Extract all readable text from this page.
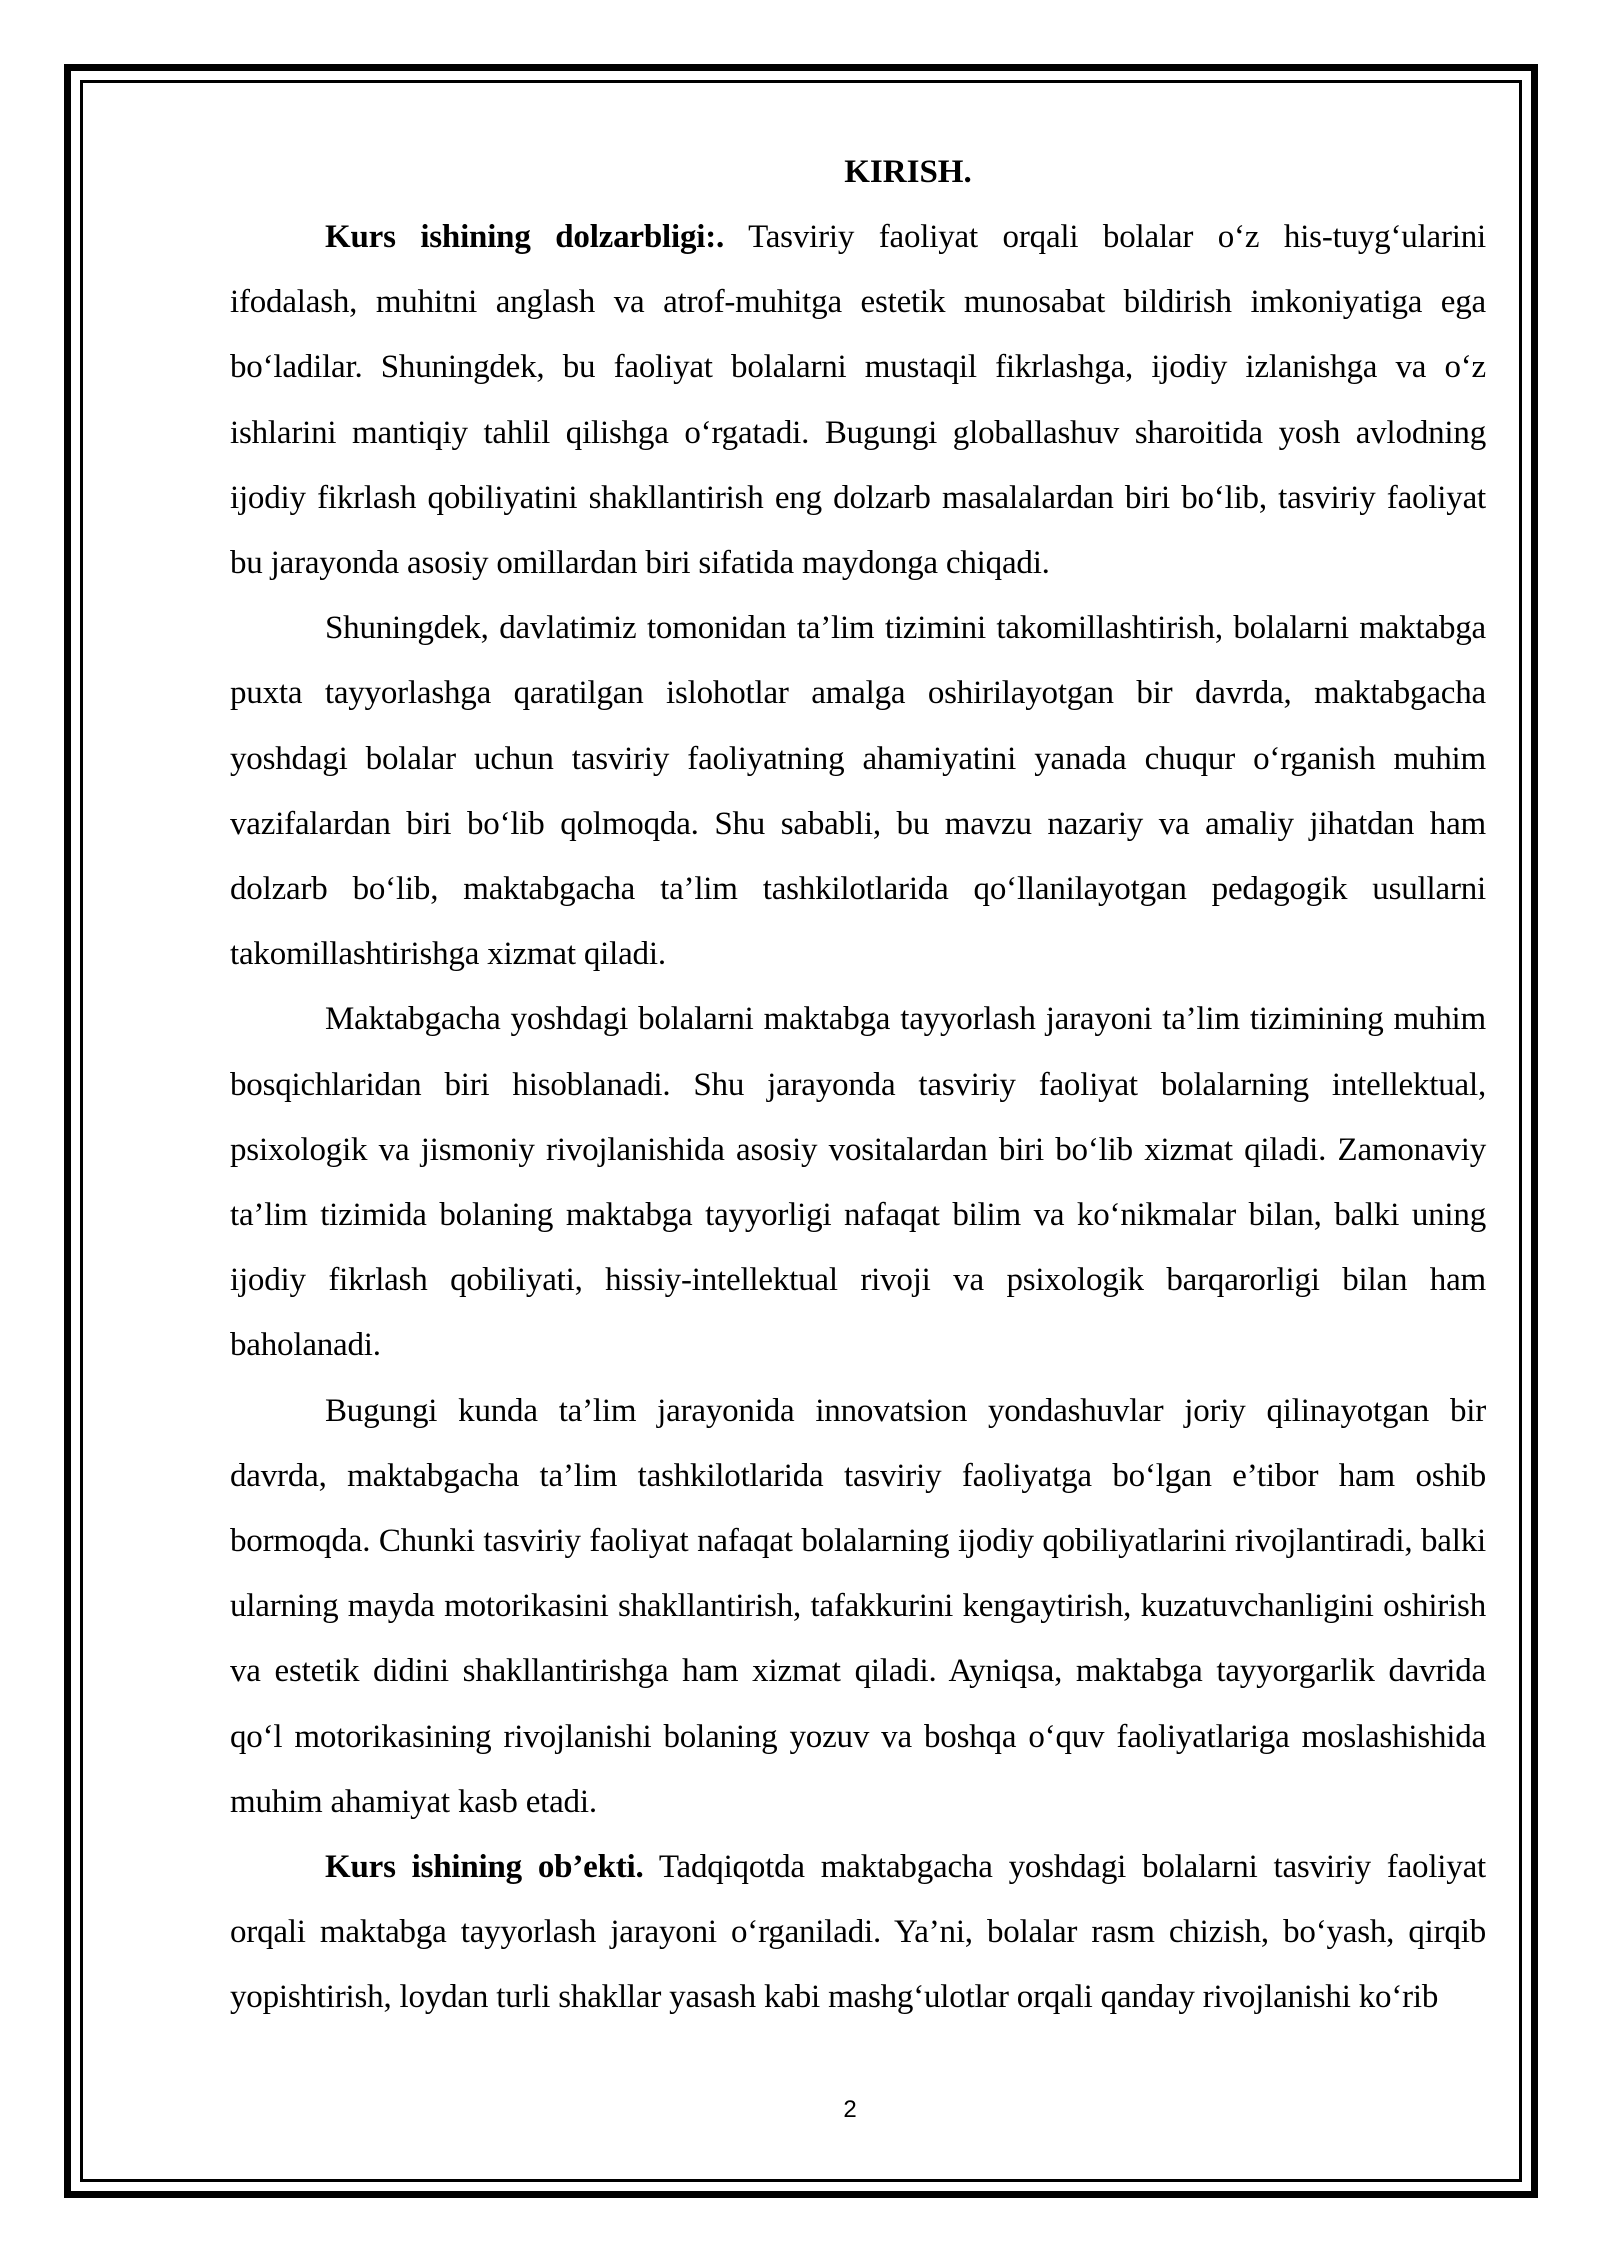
KIRISH.

Kurs ishining dolzarbligi:. Tasviriy faoliyat orqali bolalar o‘z his-tuyg‘ularini ifodalash, muhitni anglash va atrof-muhitga estetik munosabat bildirish imkoniyatiga ega bo‘ladilar. Shuningdek, bu faoliyat bolalarni mustaqil fikrlashga, ijodiy izlanishga va o‘z ishlarini mantiqiy tahlil qilishga o‘rgatadi. Bugungi globallashuv sharoitida yosh avlodning ijodiy fikrlash qobiliyatini shakllantirish eng dolzarb masalalardan biri bo‘lib, tasviriy faoliyat bu jarayonda asosiy omillardan biri sifatida maydonga chiqadi.

Shuningdek, davlatimiz tomonidan ta’lim tizimini takomillashtirish, bolalarni maktabga puxta tayyorlashga qaratilgan islohotlar amalga oshirilayotgan bir davrda, maktabgacha yoshdagi bolalar uchun tasviriy faoliyatning ahamiyatini yanada chuqur o‘rganish muhim vazifalardan biri bo‘lib qolmoqda. Shu sababli, bu mavzu nazariy va amaliy jihatdan ham dolzarb bo‘lib, maktabgacha ta’lim tashkilotlarida qo‘llanilayotgan pedagogik usullarni takomillashtirishga xizmat qiladi.

Maktabgacha yoshdagi bolalarni maktabga tayyorlash jarayoni ta’lim tizimining muhim bosqichlaridan biri hisoblanadi. Shu jarayonda tasviriy faoliyat bolalarning intellektual, psixologik va jismoniy rivojlanishida asosiy vositalardan biri bo‘lib xizmat qiladi. Zamonaviy ta’lim tizimida bolaning maktabga tayyorligi nafaqat bilim va ko‘nikmalar bilan, balki uning ijodiy fikrlash qobiliyati, hissiy-intellektual rivoji va psixologik barqarorligi bilan ham baholanadi.

Bugungi kunda ta’lim jarayonida innovatsion yondashuvlar joriy qilinayotgan bir davrda, maktabgacha ta’lim tashkilotlarida tasviriy faoliyatga bo‘lgan e’tibor ham oshib bormoqda. Chunki tasviriy faoliyat nafaqat bolalarning ijodiy qobiliyatlarini rivojlantiradi, balki ularning mayda motorikasini shakllantirish, tafakkurini kengaytirish, kuzatuvchanligini oshirish va estetik didini shakllantirishga ham xizmat qiladi. Ayniqsa, maktabga tayyorgarlik davrida qo‘l motorikasining rivojlanishi bolaning yozuv va boshqa o‘quv faoliyatlariga moslashishida muhim ahamiyat kasb etadi.

Kurs ishining ob’ekti. Tadqiqotda maktabgacha yoshdagi bolalarni tasviriy faoliyat orqali maktabga tayyorlash jarayoni o‘rganiladi. Ya’ni, bolalar rasm chizish, bo‘yash, qirqib yopishtirish, loydan turli shakllar yasash kabi mashg‘ulotlar orqali qanday rivojlanishi ko‘rib

2
